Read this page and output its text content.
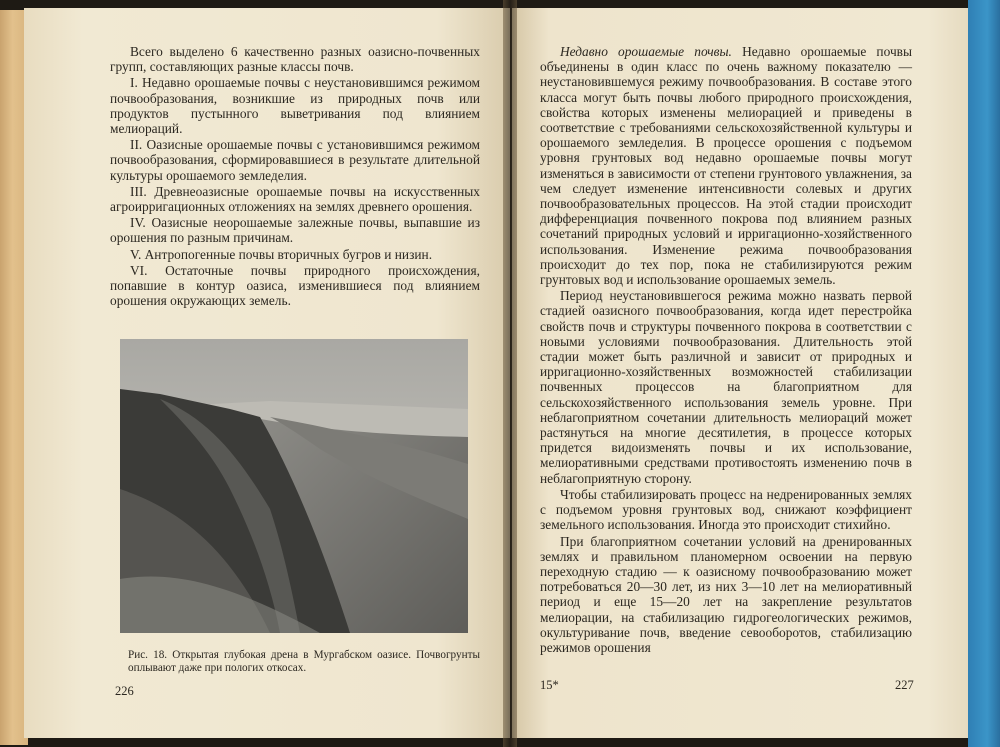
Всего выделено 6 качественно разных оазисно-почвенных групп, составляющих разные классы почв.

I. Недавно орошаемые почвы с неустановившимся режимом почвообразования, возникшие из природных почв или продуктов пустынного выветривания под влиянием мелиораций.

II. Оазисные орошаемые почвы с установившимся режимом почвообразования, сформировавшиеся в результате длительной культуры орошаемого земледелия.

III. Древнеоазисные орошаемые почвы на искусственных агроирригационных отложениях на землях древнего орошения.

IV. Оазисные неорошаемые залежные почвы, выпавшие из орошения по разным причинам.

V. Антропогенные почвы вторичных бугров и низин.

VI. Остаточные почвы природного происхождения, попавшие в контур оазиса, изменившиеся под влиянием орошения окружающих земель.

Рис. 18. Открытая глубокая дрена в Мургабском оазисе. Почвогрунты оплывают даже при пологих откосах.
226

Недавно орошаемые почвы. Недавно орошаемые почвы объединены в один класс по очень важному показателю — неустановившемуся режиму почвообразования. В составе этого класса могут быть почвы любого природного происхождения, свойства которых изменены мелиорацией и приведены в соответствие с требованиями сельскохозяйственной культуры и орошаемого земледелия. В процессе орошения с подъемом уровня грунтовых вод недавно орошаемые почвы могут изменяться в зависимости от степени грунтового увлажнения, за чем следует изменение интенсивности солевых и других почвообразовательных процессов. На этой стадии происходит дифференциация почвенного покрова под влиянием разных сочетаний природных условий и ирригационно-хозяйственного использования. Изменение режима почвообразования происходит до тех пор, пока не стабилизируются режим грунтовых вод и использование орошаемых земель.

Период неустановившегося режима можно назвать первой стадией оазисного почвообразования, когда идет перестройка свойств почв и структуры почвенного покрова в соответствии с новыми условиями почвообразования. Длительность этой стадии может быть различной и зависит от природных и ирригационно-хозяйственных возможностей стабилизации почвенных процессов на благоприятном для сельскохозяйственного использования земель уровне. При неблагоприятном сочетании длительность мелиораций может растянуться на многие десятилетия, в процессе которых придется видоизменять почвы и их использование, мелиоративными средствами противостоять изменению почв в неблагоприятную сторону.

Чтобы стабилизировать процесс на недренированных землях с подъемом уровня грунтовых вод, снижают коэффициент земельного использования. Иногда это происходит стихийно.

При благоприятном сочетании условий на дренированных землях и правильном планомерном освоении на первую переходную стадию — к оазисному почвообразованию может потребоваться 20—30 лет, из них 3—10 лет на мелиоративный период и еще 15—20 лет на закрепление результатов мелиорации, на стабилизацию гидрогеологических режимов, окультуривание почв, введение севооборотов, стабилизацию режимов орошения

15*	227
